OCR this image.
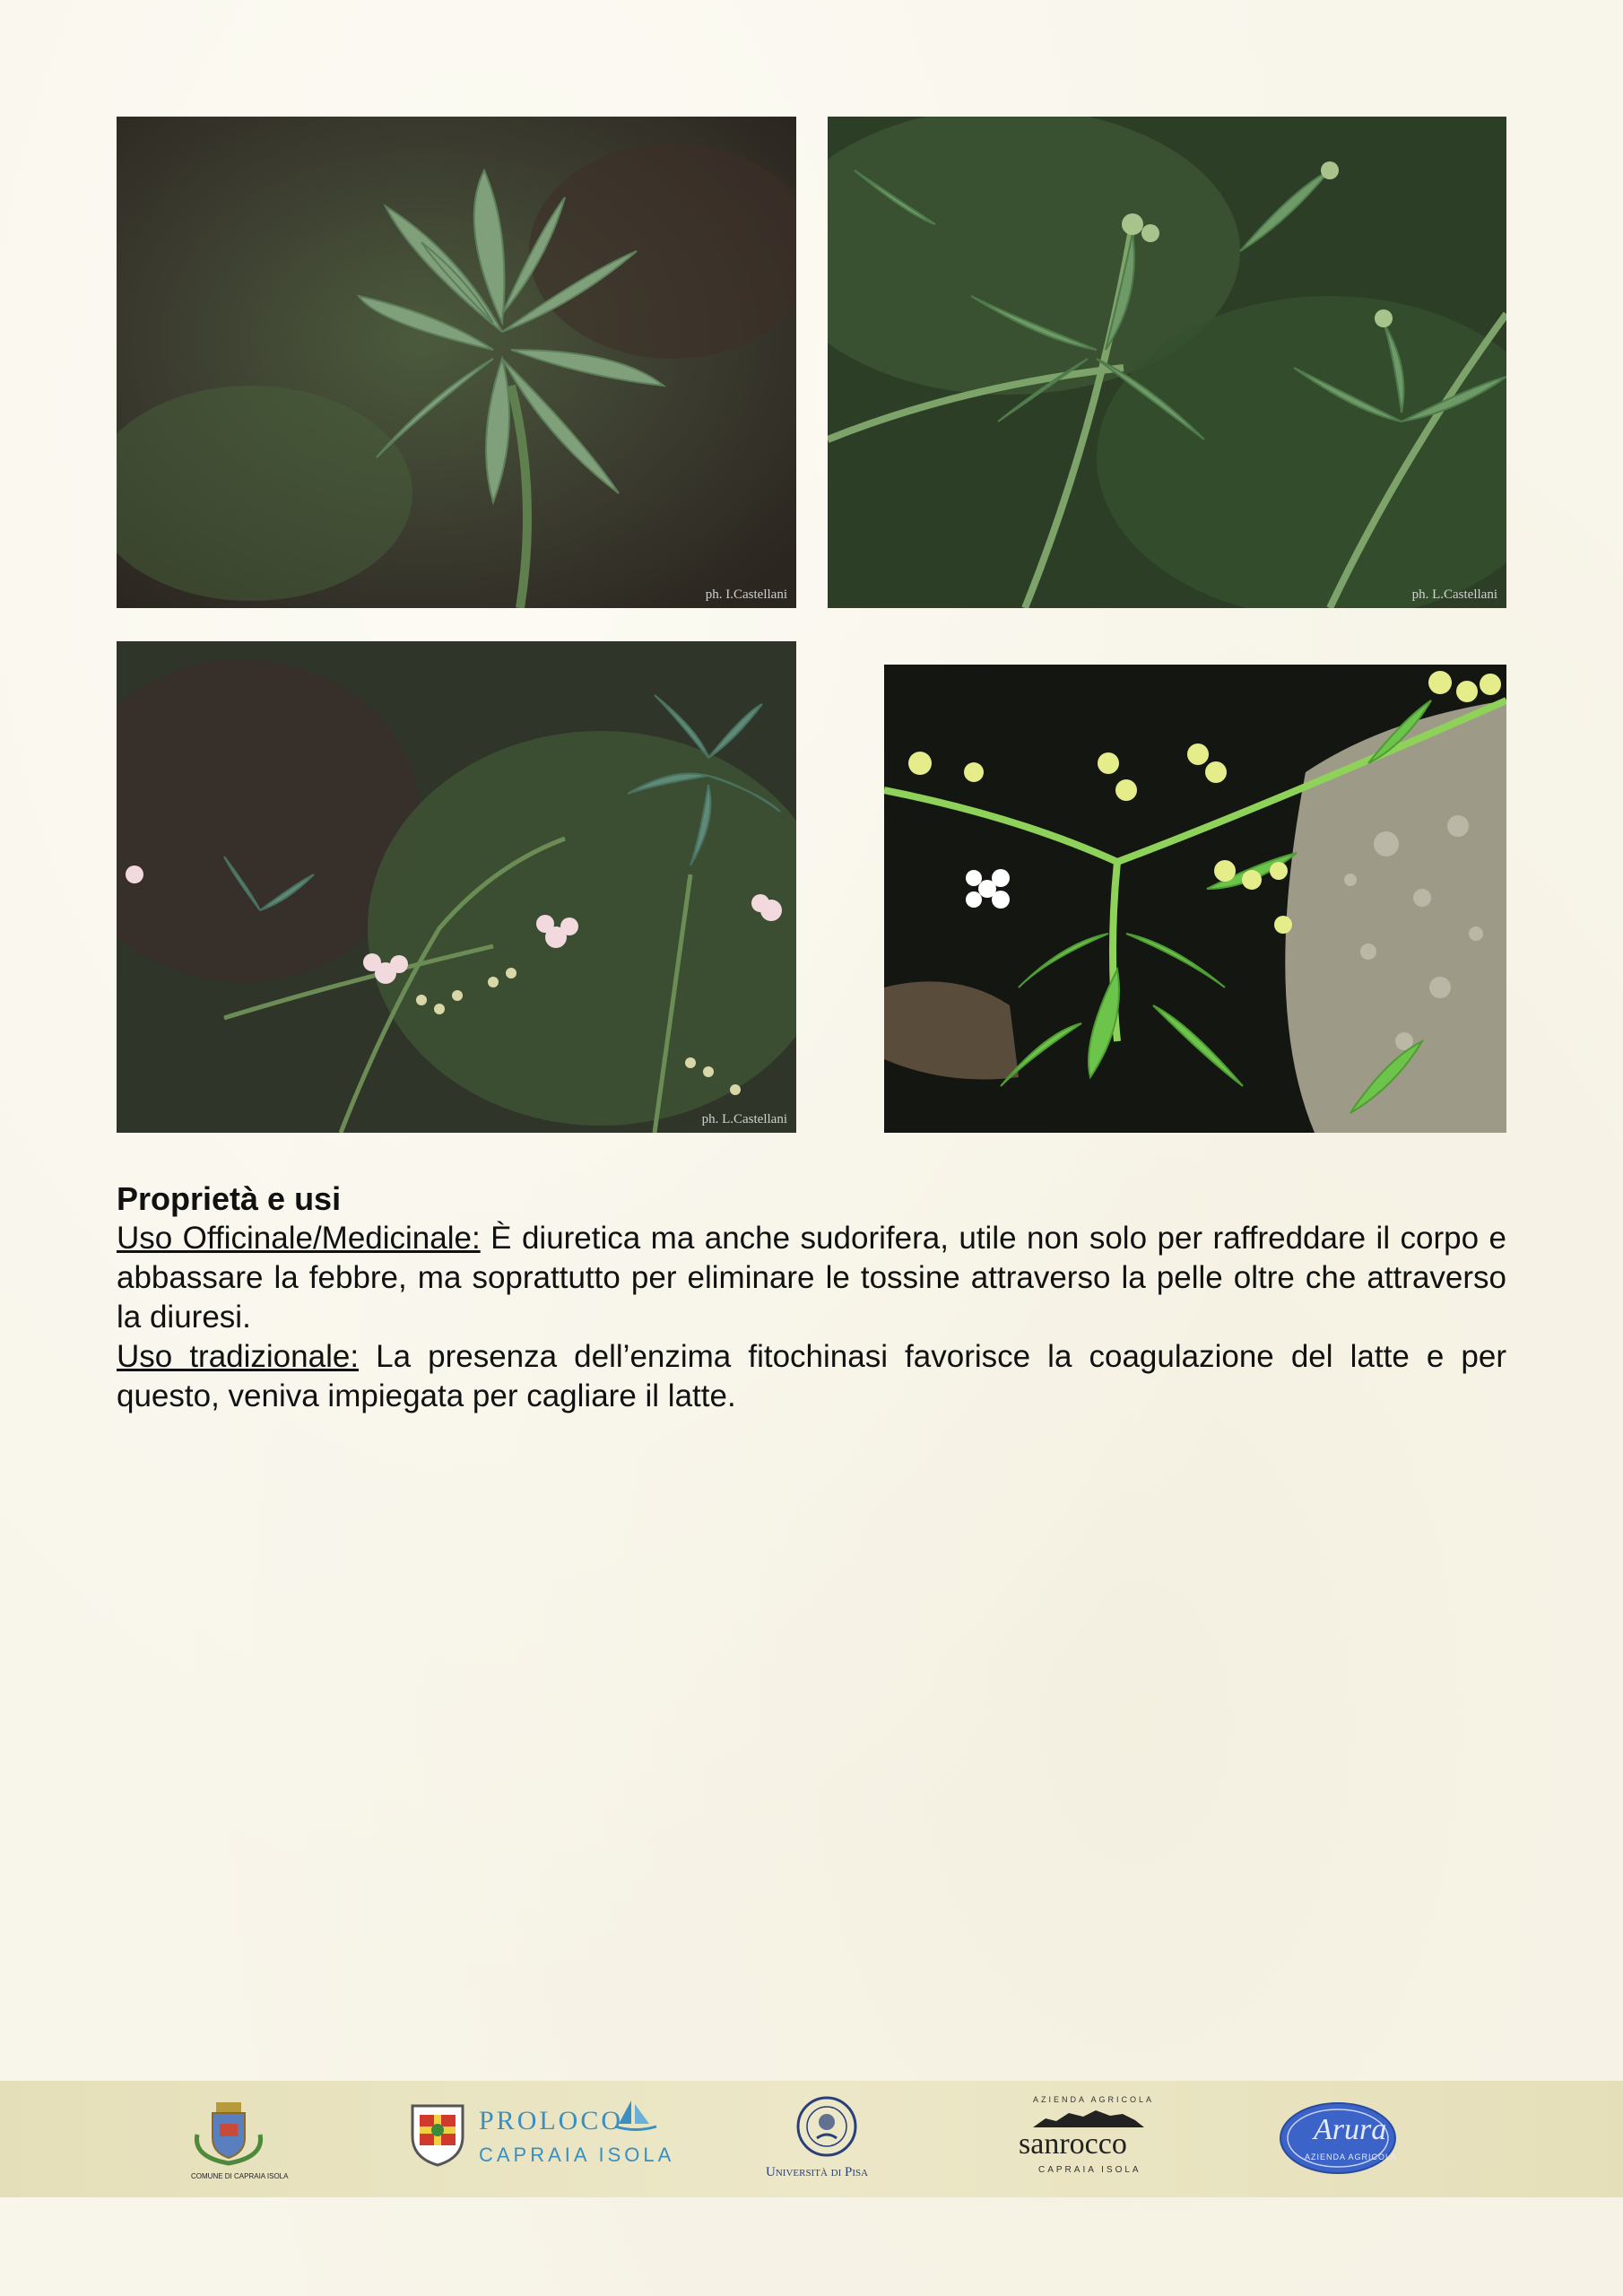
ph. I.Castellani	ph. L.Castellani
ph. L.Castellani

Proprietà e usi

Uso Officinale/Medicinale: È diuretica ma anche sudorifera, utile non solo per raffreddare il corpo e abbassare la febbre, ma soprattutto per eliminare le tossine attraverso la pelle oltre che attraverso la diuresi.

Uso tradizionale: La presenza dell’enzima fitochinasi favorisce la coagulazione del latte e per questo, veniva impiegata per cagliare il latte.

COMUNE DI CAPRAIA ISOLA
PROLOCO
CAPRAIA ISOLA
Università di Pisa
AZIENDA AGRICOLA
sanrocco
CAPRAIA ISOLA
Arura
AZIENDA AGRICOLA
